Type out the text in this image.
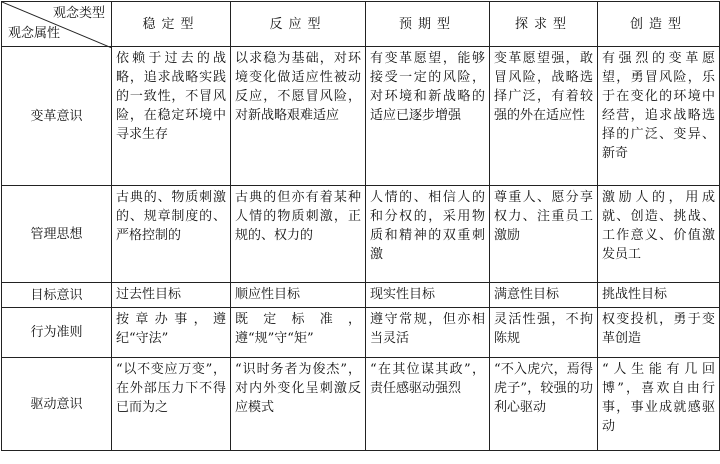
观念类型
观念属性	稳定型	反应型	预期型	探求型	创造型
变革意识	依赖于过去的战略，追求战略实践的一致性，不冒风险，在稳定环境中寻求生存	以求稳为基础，对环境变化做适应性被动反应，不愿冒风险，对新战略艰难适应	有变革愿望，能够接受一定的风险，对环境和新战略的适应已逐步增强	变革愿望强，敢冒风险，战略选择广泛，有着较强的外在适应性	有强烈的变革愿望，勇冒风险，乐于在变化的环境中经营，追求战略选择的广泛、变异、新奇
管理思想	古典的、物质刺激的、规章制度的、严格控制的	古典的但亦有着某种人情的物质刺激，正规的、权力的	人情的、相信人的和分权的，采用物质和精神的双重刺激	尊重人、愿分享权力、注重员工激励	激励人的，用成就、创造、挑战、工作意义、价值激发员工
目标意识	过去性目标	顺应性目标	现实性目标	满意性目标	挑战性目标
行为准则	按章办事，遵纪“守法”	既定标准，遵“规”守“矩”	遵守常规，但亦相当灵活	灵活性强，不拘陈规	权变投机，勇于变革创造
驱动意识	“以不变应万变”，在外部压力下不得已而为之	“识时务者为俊杰”，对内外变化呈刺激反应模式	“在其位谋其政”，责任感驱动强烈	“不入虎穴，焉得虎子”，较强的功利心驱动	“人生能有几回博”，喜欢自由行事，事业成就感驱动
